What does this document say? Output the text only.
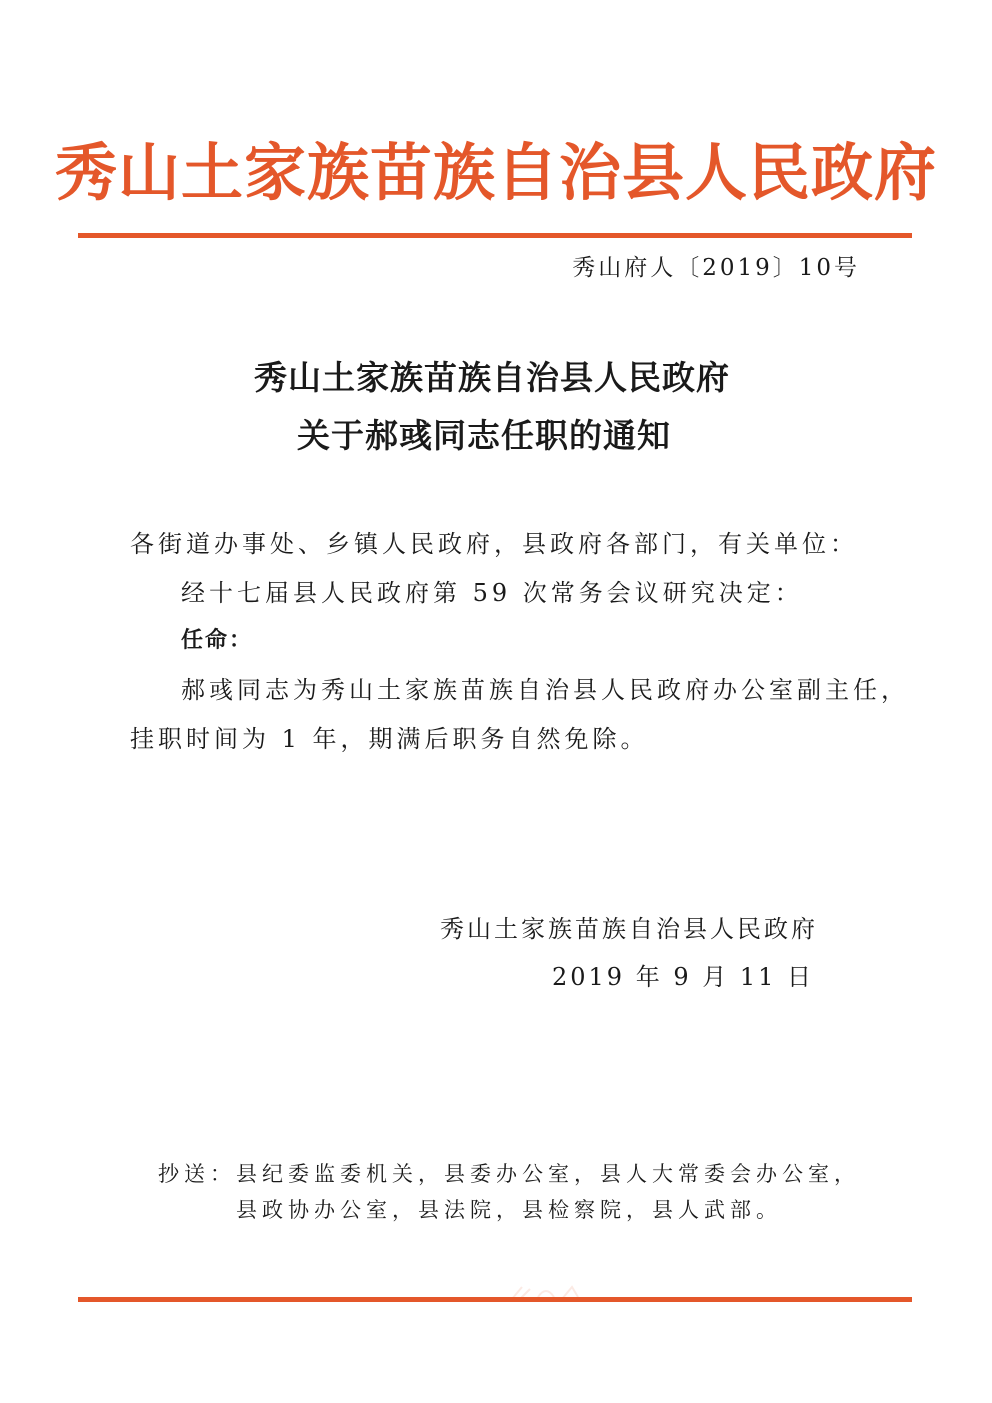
秀山土家族苗族自治县人民政府
秀山府人〔2019〕10号
秀山土家族苗族自治县人民政府
关于郝彧同志任职的通知
各街道办事处、乡镇人民政府，县政府各部门，有关单位：
经十七届县人民政府第 59 次常务会议研究决定：
任命：
郝彧同志为秀山土家族苗族自治县人民政府办公室副主任，
挂职时间为 1 年，期满后职务自然免除。
秀山土家族苗族自治县人民政府
2019 年 9 月 11 日
抄送： 县纪委监委机关，县委办公室，县人大常委会办公室，
县政协办公室，县法院，县检察院，县人武部。
